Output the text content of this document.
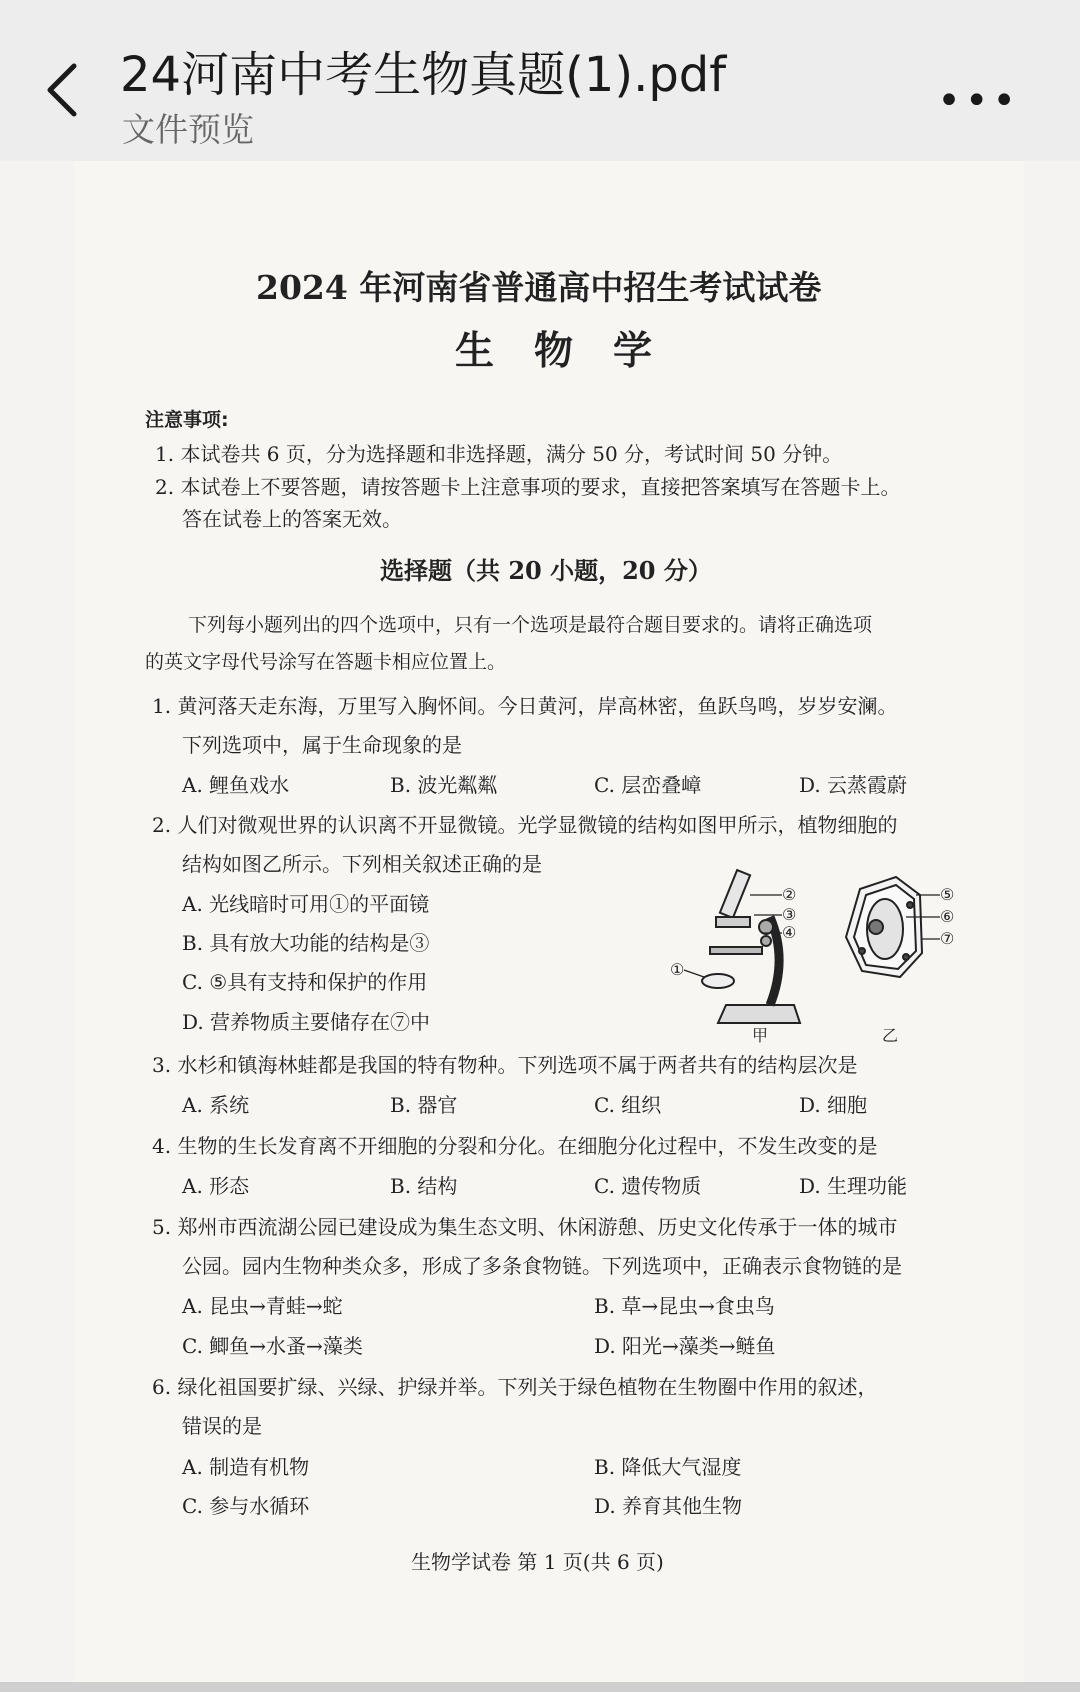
24河南中考生物真题(1).pdf
文件预览
•••
2024 年河南省普通高中招生考试试卷
生物学
注意事项:
1. 本试卷共 6 页，分为选择题和非选择题，满分 50 分，考试时间 50 分钟。
2. 本试卷上不要答题，请按答题卡上注意事项的要求，直接把答案填写在答题卡上。
答在试卷上的答案无效。
选择题（共 20 小题，20 分）
下列每小题列出的四个选项中，只有一个选项是最符合题目要求的。请将正确选项
的英文字母代号涂写在答题卡相应位置上。
1. 黄河落天走东海，万里写入胸怀间。今日黄河，岸高林密，鱼跃鸟鸣，岁岁安澜。
下列选项中，属于生命现象的是
A. 鲤鱼戏水	B. 波光粼粼	C. 层峦叠嶂	D. 云蒸霞蔚
2. 人们对微观世界的认识离不开显微镜。光学显微镜的结构如图甲所示，植物细胞的
结构如图乙所示。下列相关叙述正确的是
A. 光线暗时可用①的平面镜
B. 具有放大功能的结构是③
C. ⑤具有支持和保护的作用
D. 营养物质主要储存在⑦中
①
②
③
④
⑤
⑥
⑦
甲	乙
3. 水杉和镇海林蛙都是我国的特有物种。下列选项不属于两者共有的结构层次是
A. 系统	B. 器官	C. 组织	D. 细胞
4. 生物的生长发育离不开细胞的分裂和分化。在细胞分化过程中，不发生改变的是
A. 形态	B. 结构	C. 遗传物质	D. 生理功能
5. 郑州市西流湖公园已建设成为集生态文明、休闲游憩、历史文化传承于一体的城市
公园。园内生物种类众多，形成了多条食物链。下列选项中，正确表示食物链的是
A. 昆虫→青蛙→蛇	B. 草→昆虫→食虫鸟
C. 鲫鱼→水蚤→藻类	D. 阳光→藻类→鲢鱼
6. 绿化祖国要扩绿、兴绿、护绿并举。下列关于绿色植物在生物圈中作用的叙述，
错误的是
A. 制造有机物	B. 降低大气湿度
C. 参与水循环	D. 养育其他生物
生物学试卷 第 1 页(共 6 页)
